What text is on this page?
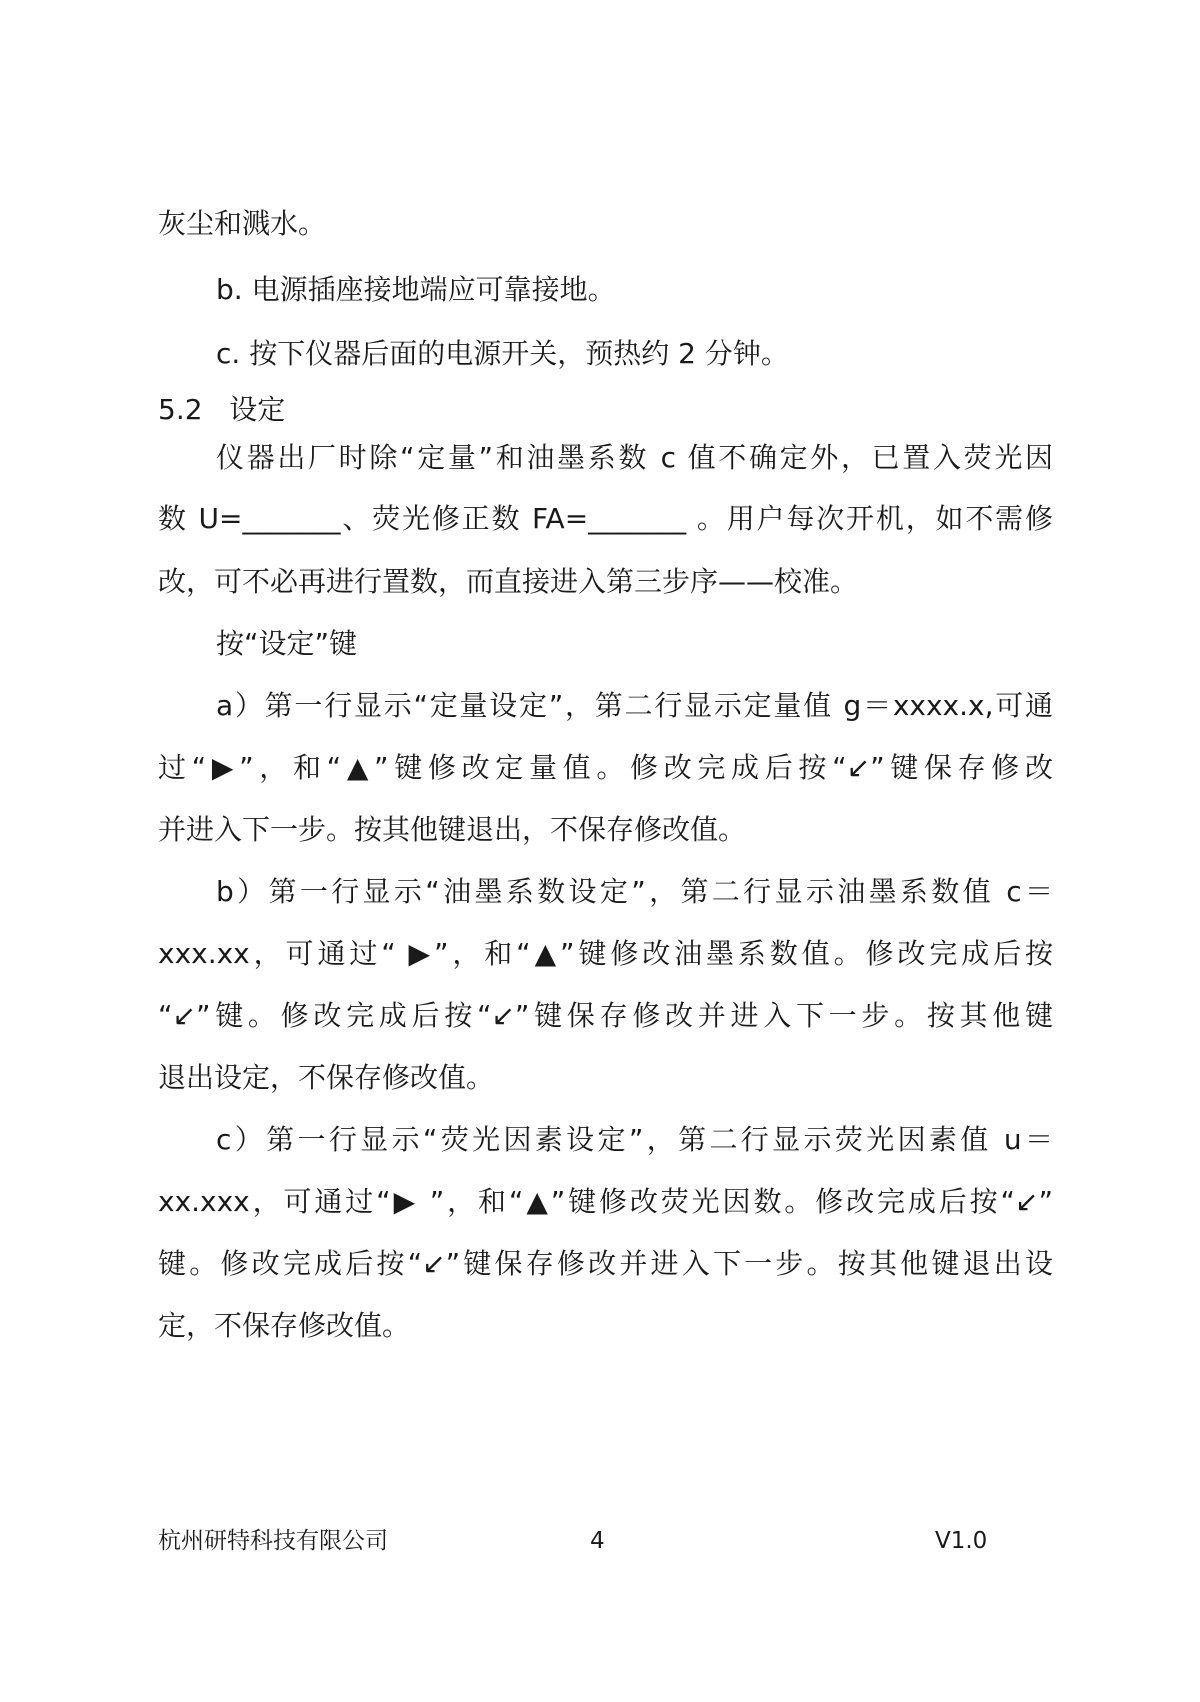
灰尘和溅水。
b. 电源插座接地端应可靠接地。
c. 按下仪器后面的电源开关，预热约 2 分钟。
5.2   设定
仪器出厂时除“定量”和油墨系数 c 值不确定外，已置入荧光因
数 U=_______、荧光修正数 FA=_______ 。用户每次开机，如不需修
改，可不必再进行置数，而直接进入第三步序——校准。
按“设定”键
a）第一行显示“定量设定”，第二行显示定量值 g＝xxxx.x,可通
过“▶”，和“▲”键修改定量值。修改完成后按“↙”键保存修改
并进入下一步。按其他键退出，不保存修改值。
b）第一行显示“油墨系数设定”，第二行显示油墨系数值 c＝
xxx.xx，可通过“ ▶”，和“▲”键修改油墨系数值。修改完成后按
“↙”键。修改完成后按“↙”键保存修改并进入下一步。按其他键
退出设定，不保存修改值。
c）第一行显示“荧光因素设定”，第二行显示荧光因素值 u＝
xx.xxx，可通过“▶ ”，和“▲”键修改荧光因数。修改完成后按“↙”
键。修改完成后按“↙”键保存修改并进入下一步。按其他键退出设
定，不保存修改值。
杭州研特科技有限公司	4	V1.0
